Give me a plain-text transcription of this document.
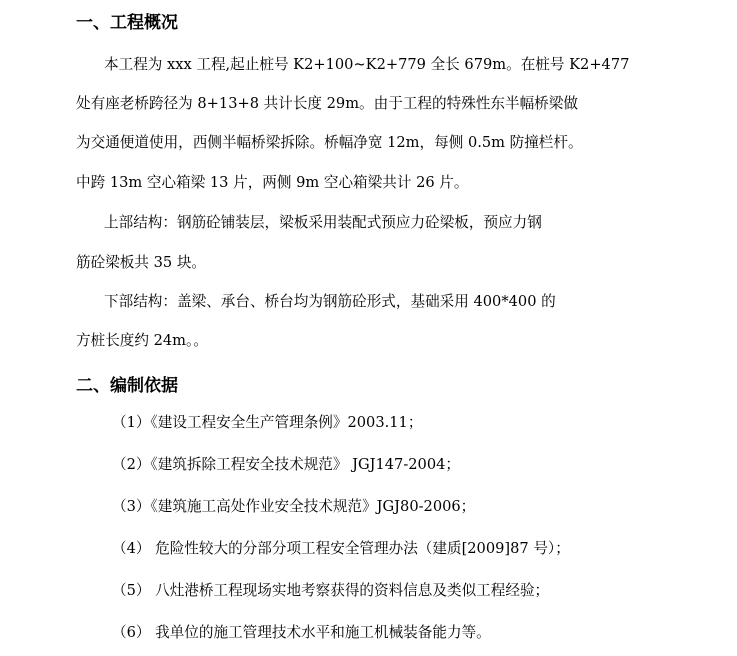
一、工程概况

本工程为 xxx 工程,起止桩号 K2+100~K2+779 全长 679m。在桩号 K2+477

处有座老桥跨径为 8+13+8 共计长度 29m。由于工程的特殊性东半幅桥梁做

为交通便道使用，西侧半幅桥梁拆除。桥幅净宽 12m，每侧 0.5m 防撞栏杆。

中跨 13m 空心箱梁 13 片，两侧 9m 空心箱梁共计 26 片。

上部结构：钢筋砼铺装层，梁板采用装配式预应力砼梁板，预应力钢

筋砼梁板共 35 块。

下部结构：盖梁、承台、桥台均为钢筋砼形式，基础采用 400*400 的

方桩长度约 24m。。

二、编制依据

（1）《建设工程安全生产管理条例》2003.11；

（2）《建筑拆除工程安全技术规范》 JGJ147-2004；

（3）《建筑施工高处作业安全技术规范》JGJ80-2006；

（4） 危险性较大的分部分项工程安全管理办法（建质[2009]87 号）；

（5） 八灶港桥工程现场实地考察获得的资料信息及类似工程经验；

（6） 我单位的施工管理技术水平和施工机械装备能力等。
